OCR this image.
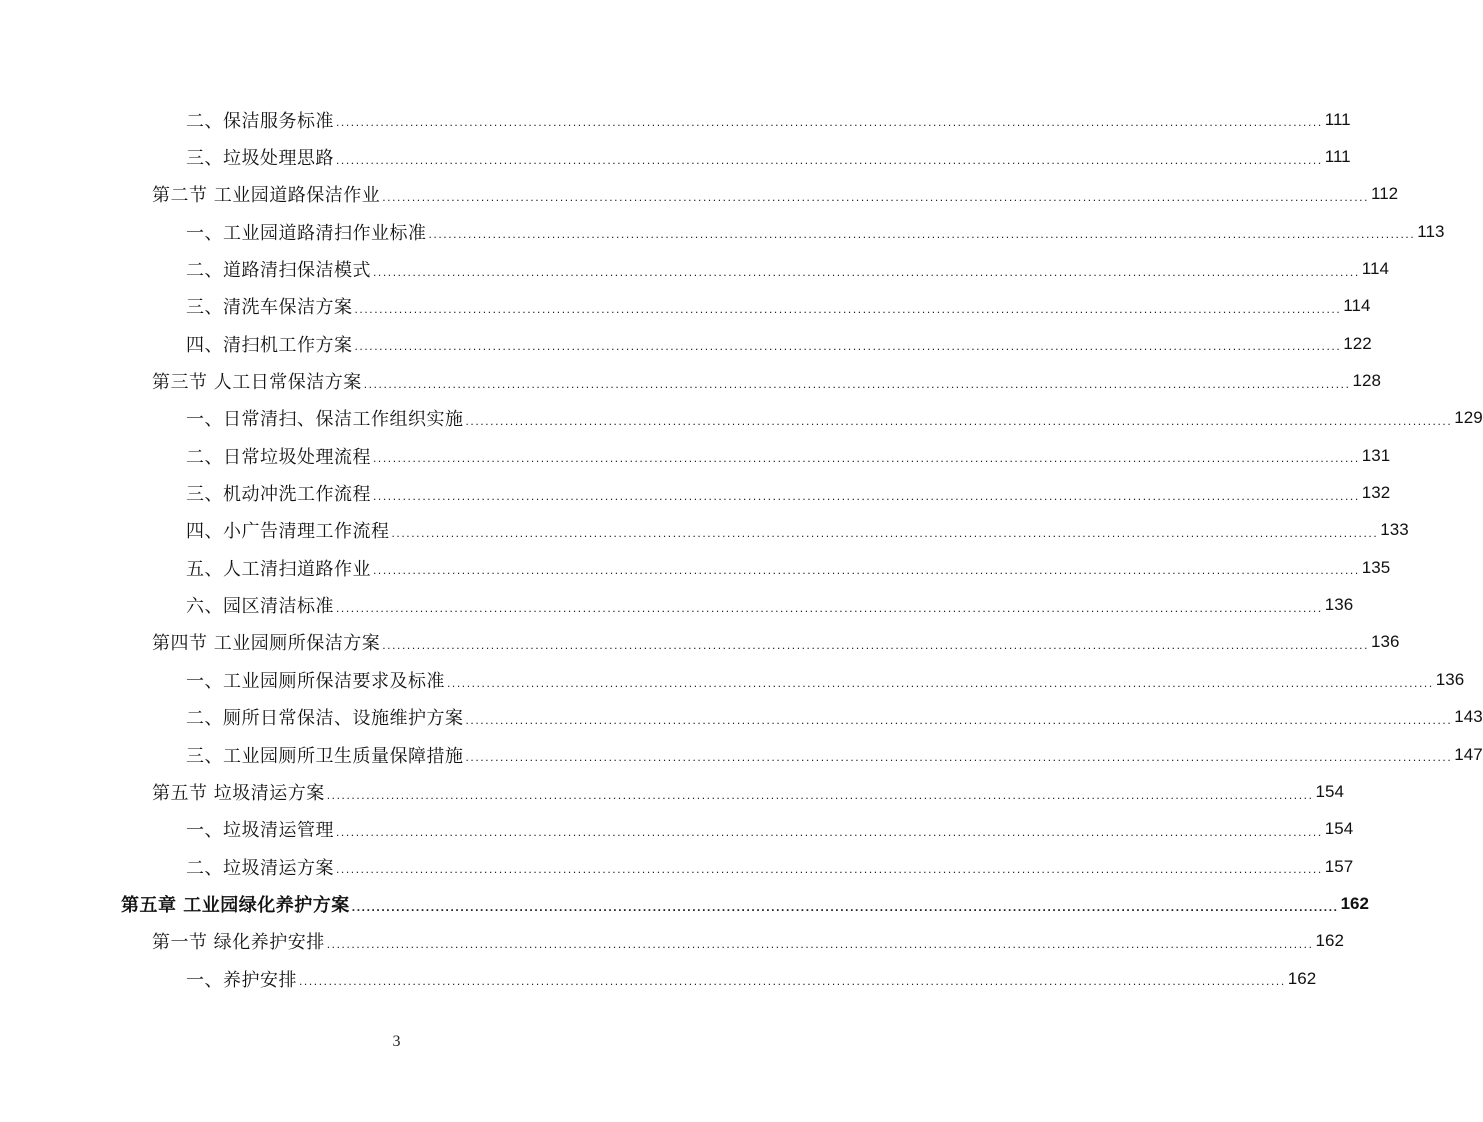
二、保洁服务标准 ........................................................................................................................................................................................................ 111
三、垃圾处理思路 ........................................................................................................................................................................................................ 111
第二节 工业园道路保洁作业 ........................................................................................................................................................................................................ 112
一、工业园道路清扫作业标准 ........................................................................................................................................................................................................ 113
二、道路清扫保洁模式 ........................................................................................................................................................................................................ 114
三、清洗车保洁方案 ........................................................................................................................................................................................................ 114
四、清扫机工作方案 ........................................................................................................................................................................................................ 122
第三节 人工日常保洁方案 ........................................................................................................................................................................................................ 128
一、日常清扫、保洁工作组织实施 ........................................................................................................................................................................................................ 129
二、日常垃圾处理流程 ........................................................................................................................................................................................................ 131
三、机动冲洗工作流程 ........................................................................................................................................................................................................ 132
四、小广告清理工作流程 ........................................................................................................................................................................................................ 133
五、人工清扫道路作业 ........................................................................................................................................................................................................ 135
六、园区清洁标准 ........................................................................................................................................................................................................ 136
第四节 工业园厕所保洁方案 ........................................................................................................................................................................................................ 136
一、工业园厕所保洁要求及标准 ........................................................................................................................................................................................................ 136
二、厕所日常保洁、设施维护方案 ........................................................................................................................................................................................................ 143
三、工业园厕所卫生质量保障措施 ........................................................................................................................................................................................................ 147
第五节 垃圾清运方案 ........................................................................................................................................................................................................ 154
一、垃圾清运管理 ........................................................................................................................................................................................................ 154
二、垃圾清运方案 ........................................................................................................................................................................................................ 157
第五章 工业园绿化养护方案 ........................................................................................................................................................................................................ 162
第一节 绿化养护安排 ........................................................................................................................................................................................................ 162
一、养护安排 ........................................................................................................................................................................................................ 162
3
